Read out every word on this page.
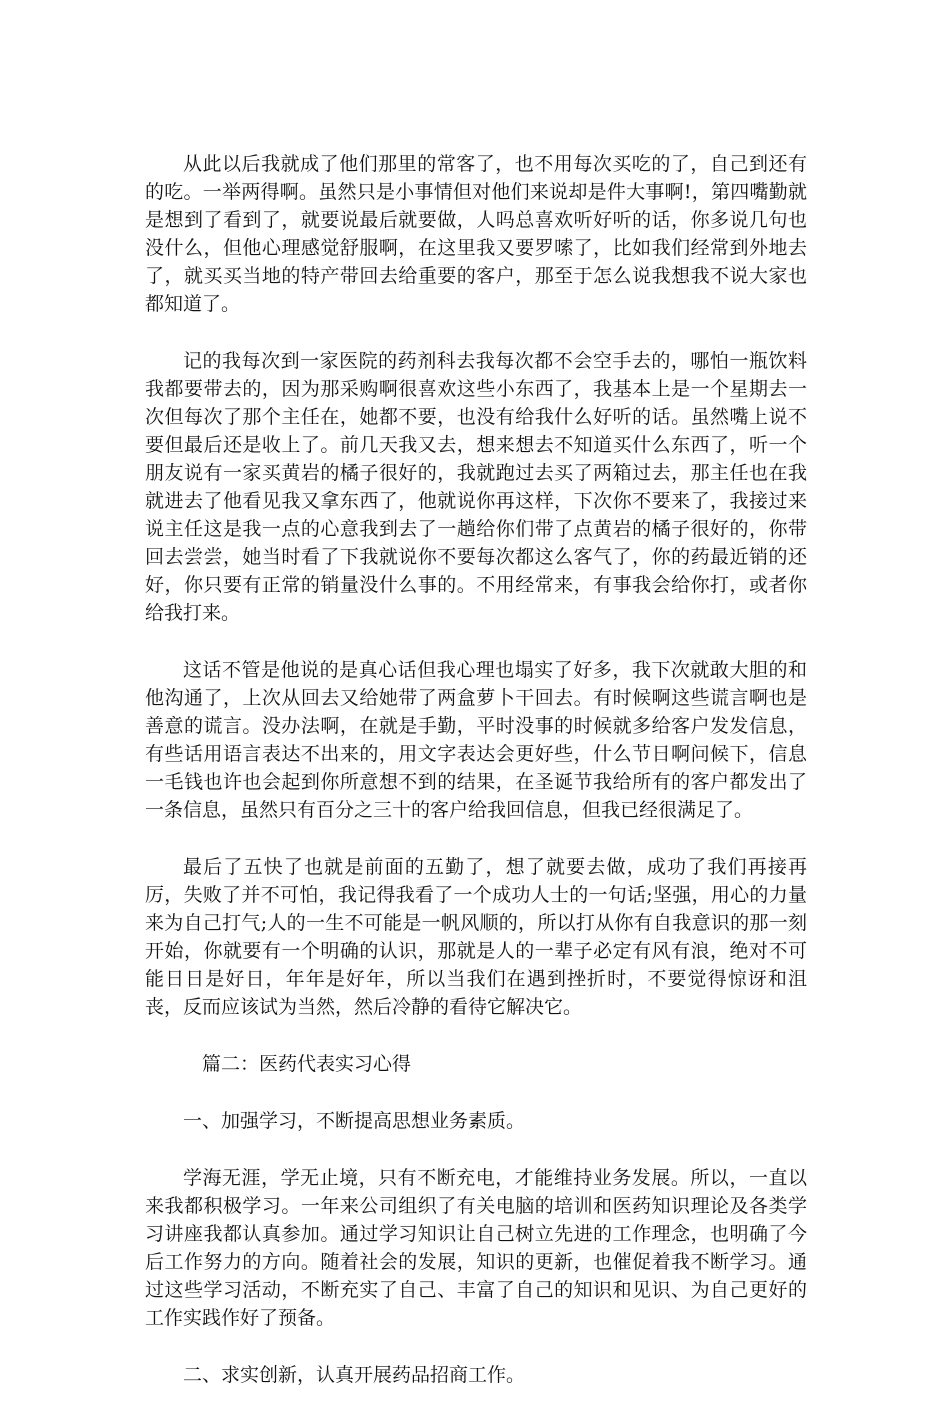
从此以后我就成了他们那里的常客了，也不用每次买吃的了，自己到还有的吃。一举两得啊。虽然只是小事情但对他们来说却是件大事啊!，第四嘴勤就是想到了看到了，就要说最后就要做，人吗总喜欢听好听的话，你多说几句也没什么，但他心理感觉舒服啊，在这里我又要罗嗦了，比如我们经常到外地去了，就买买当地的特产带回去给重要的客户，那至于怎么说我想我不说大家也都知道了。

记的我每次到一家医院的药剂科去我每次都不会空手去的，哪怕一瓶饮料我都要带去的，因为那采购啊很喜欢这些小东西了，我基本上是一个星期去一次但每次了那个主任在，她都不要，也没有给我什么好听的话。虽然嘴上说不要但最后还是收上了。前几天我又去，想来想去不知道买什么东西了，听一个朋友说有一家买黄岩的橘子很好的，我就跑过去买了两箱过去，那主任也在我就进去了他看见我又拿东西了，他就说你再这样，下次你不要来了，我接过来说主任这是我一点的心意我到去了一趟给你们带了点黄岩的橘子很好的，你带回去尝尝，她当时看了下我就说你不要每次都这么客气了，你的药最近销的还好，你只要有正常的销量没什么事的。不用经常来，有事我会给你打，或者你给我打来。

这话不管是他说的是真心话但我心理也塌实了好多，我下次就敢大胆的和他沟通了，上次从回去又给她带了两盒萝卜干回去。有时候啊这些谎言啊也是善意的谎言。没办法啊，在就是手勤，平时没事的时候就多给客户发发信息，有些话用语言表达不出来的，用文字表达会更好些，什么节日啊问候下，信息一毛钱也许也会起到你所意想不到的结果，在圣诞节我给所有的客户都发出了一条信息，虽然只有百分之三十的客户给我回信息，但我已经很满足了。

最后了五快了也就是前面的五勤了，想了就要去做，成功了我们再接再厉，失败了并不可怕，我记得我看了一个成功人士的一句话;坚强，用心的力量来为自己打气;人的一生不可能是一帆风顺的，所以打从你有自我意识的那一刻开始，你就要有一个明确的认识，那就是人的一辈子必定有风有浪，绝对不可能日日是好日，年年是好年，所以当我们在遇到挫折时，不要觉得惊讶和沮丧，反而应该试为当然，然后冷静的看待它解决它。

篇二：医药代表实习心得

一、加强学习，不断提高思想业务素质。

学海无涯，学无止境，只有不断充电，才能维持业务发展。所以，一直以来我都积极学习。一年来公司组织了有关电脑的培训和医药知识理论及各类学习讲座我都认真参加。通过学习知识让自己树立先进的工作理念，也明确了今后工作努力的方向。随着社会的发展，知识的更新，也催促着我不断学习。通过这些学习活动，不断充实了自己、丰富了自己的知识和见识、为自己更好的工作实践作好了预备。

二、求实创新，认真开展药品招商工作。
